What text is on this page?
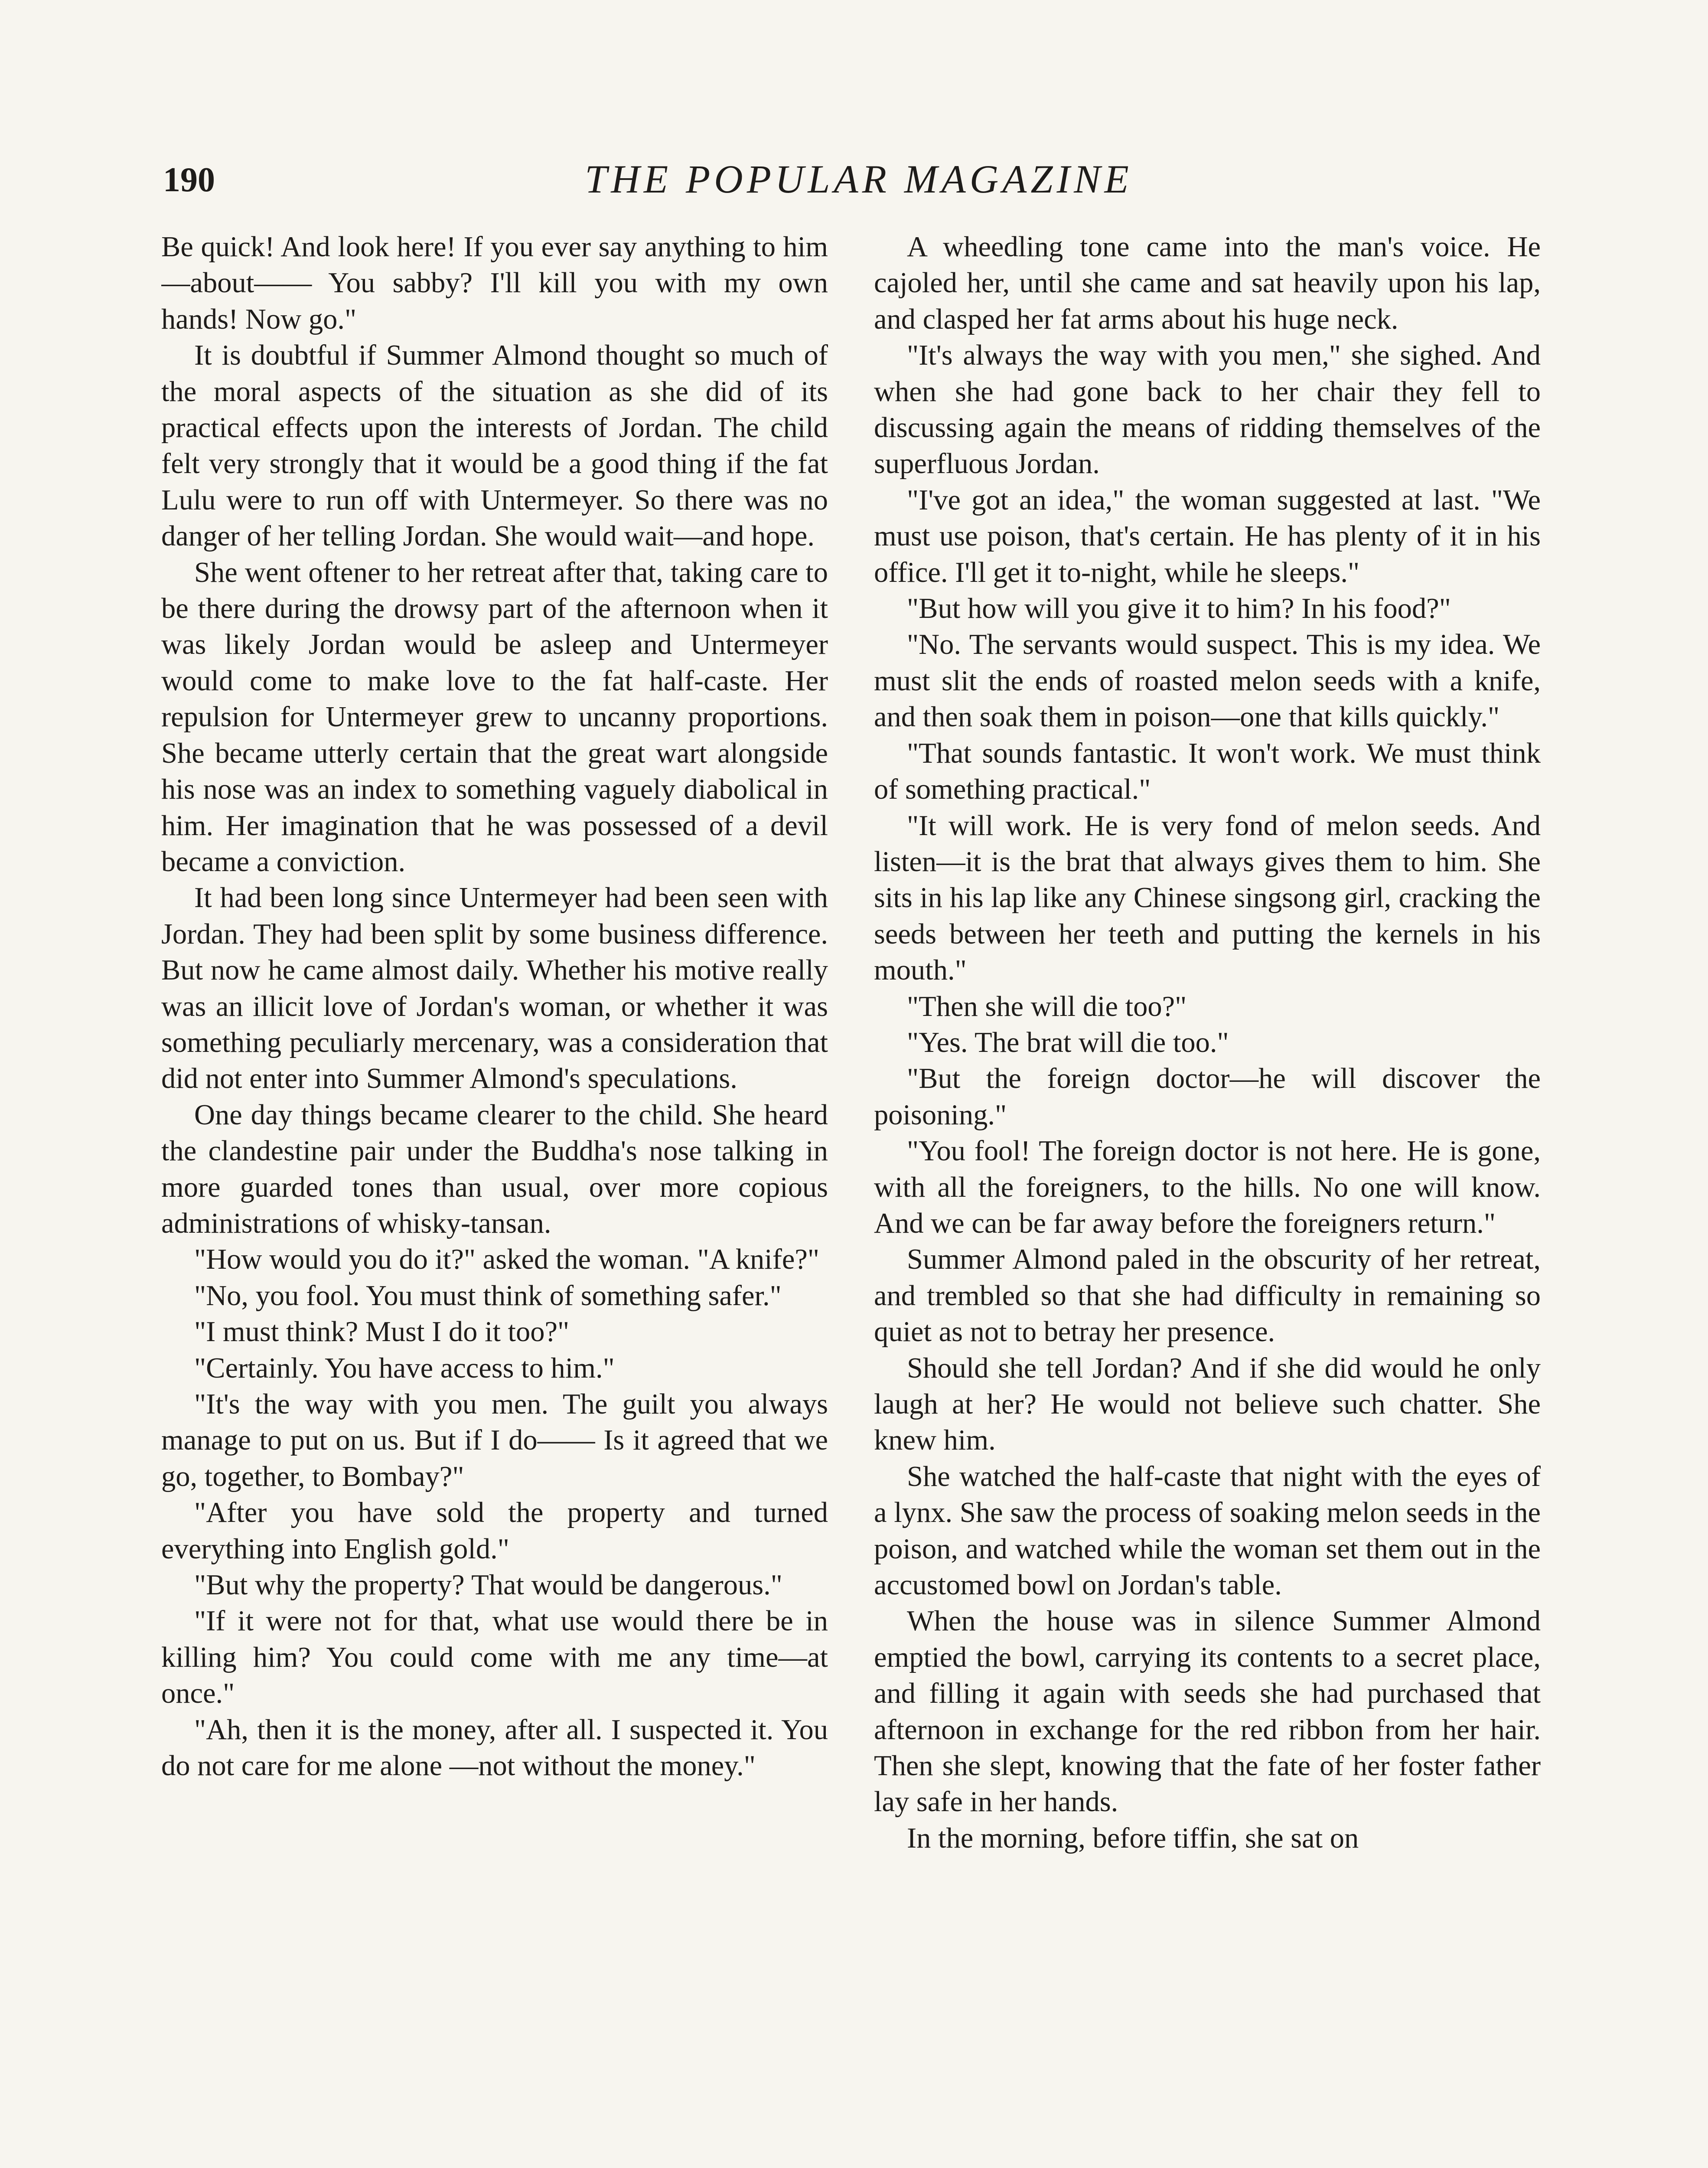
190	THE POPULAR MAGAZINE

Be quick! And look here! If you ever say anything to him—about—— You sabby? I'll kill you with my own hands! Now go."

It is doubtful if Summer Almond thought so much of the moral aspects of the situation as she did of its practical effects upon the interests of Jordan. The child felt very strongly that it would be a good thing if the fat Lulu were to run off with Untermeyer. So there was no danger of her telling Jordan. She would wait—and hope.

She went oftener to her retreat after that, taking care to be there during the drowsy part of the afternoon when it was likely Jordan would be asleep and Untermeyer would come to make love to the fat half-caste. Her repulsion for Untermeyer grew to uncanny proportions. She became utterly certain that the great wart alongside his nose was an index to something vaguely diabolical in him. Her imagination that he was possessed of a devil became a conviction.

It had been long since Untermeyer had been seen with Jordan. They had been split by some business difference. But now he came almost daily. Whether his motive really was an illicit love of Jordan's woman, or whether it was something peculiarly mercenary, was a consideration that did not enter into Summer Almond's speculations.

One day things became clearer to the child. She heard the clandestine pair under the Buddha's nose talking in more guarded tones than usual, over more copious administrations of whisky-tansan.

"How would you do it?" asked the woman. "A knife?"

"No, you fool. You must think of something safer."

"I must think? Must I do it too?"

"Certainly. You have access to him."

"It's the way with you men. The guilt you always manage to put on us. But if I do—— Is it agreed that we go, together, to Bombay?"

"After you have sold the property and turned everything into English gold."

"But why the property? That would be dangerous."

"If it were not for that, what use would there be in killing him? You could come with me any time—at once."

"Ah, then it is the money, after all. I suspected it. You do not care for me alone —not without the money."

A wheedling tone came into the man's voice. He cajoled her, until she came and sat heavily upon his lap, and clasped her fat arms about his huge neck.

"It's always the way with you men," she sighed. And when she had gone back to her chair they fell to discussing again the means of ridding themselves of the superfluous Jordan.

"I've got an idea," the woman suggested at last. "We must use poison, that's certain. He has plenty of it in his office. I'll get it to-night, while he sleeps."

"But how will you give it to him? In his food?"

"No. The servants would suspect. This is my idea. We must slit the ends of roasted melon seeds with a knife, and then soak them in poison—one that kills quickly."

"That sounds fantastic. It won't work. We must think of something practical."

"It will work. He is very fond of melon seeds. And listen—it is the brat that always gives them to him. She sits in his lap like any Chinese singsong girl, cracking the seeds between her teeth and putting the kernels in his mouth."

"Then she will die too?"

"Yes. The brat will die too."

"But the foreign doctor—he will discover the poisoning."

"You fool! The foreign doctor is not here. He is gone, with all the foreigners, to the hills. No one will know. And we can be far away before the foreigners return."

Summer Almond paled in the obscurity of her retreat, and trembled so that she had difficulty in remaining so quiet as not to betray her presence.

Should she tell Jordan? And if she did would he only laugh at her? He would not believe such chatter. She knew him.

She watched the half-caste that night with the eyes of a lynx. She saw the process of soaking melon seeds in the poison, and watched while the woman set them out in the accustomed bowl on Jordan's table.

When the house was in silence Summer Almond emptied the bowl, carrying its contents to a secret place, and filling it again with seeds she had purchased that afternoon in exchange for the red ribbon from her hair. Then she slept, knowing that the fate of her foster father lay safe in her hands.

In the morning, before tiffin, she sat on
